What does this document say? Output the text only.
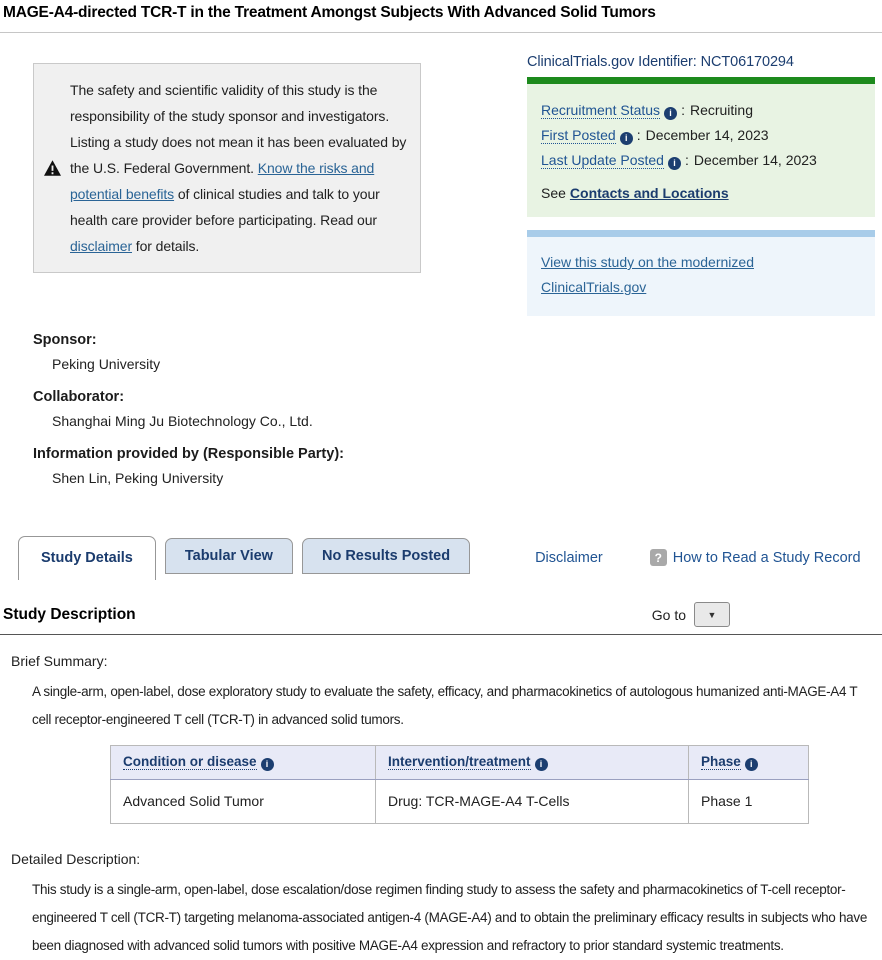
MAGE-A4-directed TCR-T in the Treatment Amongst Subjects With Advanced Solid Tumors

The safety and scientific validity of this study is the responsibility of the study sponsor and investigators. Listing a study does not mean it has been evaluated by the U.S. Federal Government. Know the risks and potential benefits of clinical studies and talk to your health care provider before participating. Read our disclaimer for details.

ClinicalTrials.gov Identifier: NCT06170294
Recruitment Status i : Recruiting
First Posted i : December 14, 2023
Last Update Posted i : December 14, 2023
See Contacts and Locations
View this study on the modernized ClinicalTrials.gov
Sponsor:
Peking University
Collaborator:
Shanghai Ming Ju Biotechnology Co., Ltd.
Information provided by (Responsible Party):
Shen Lin, Peking University
Study Details	Tabular View	No Results Posted	Disclaimer	? How to Read a Study Record
Study Description	Go to ▼
Brief Summary:

A single-arm, open-label, dose exploratory study to evaluate the safety, efficacy, and pharmacokinetics of autologous humanized anti-MAGE-A4 T cell receptor-engineered T cell (TCR-T) in advanced solid tumors.

Condition or disease i	Intervention/treatment i	Phase i
Advanced Solid Tumor	Drug: TCR-MAGE-A4 T-Cells	Phase 1
Detailed Description:

This study is a single-arm, open-label, dose escalation/dose regimen finding study to assess the safety and pharmacokinetics of T-cell receptor-engineered T cell (TCR-T) targeting melanoma-associated antigen-4 (MAGE-A4) and to obtain the preliminary efficacy results in subjects who have been diagnosed with advanced solid tumors with positive MAGE-A4 expression and refractory to prior standard systemic treatments.
